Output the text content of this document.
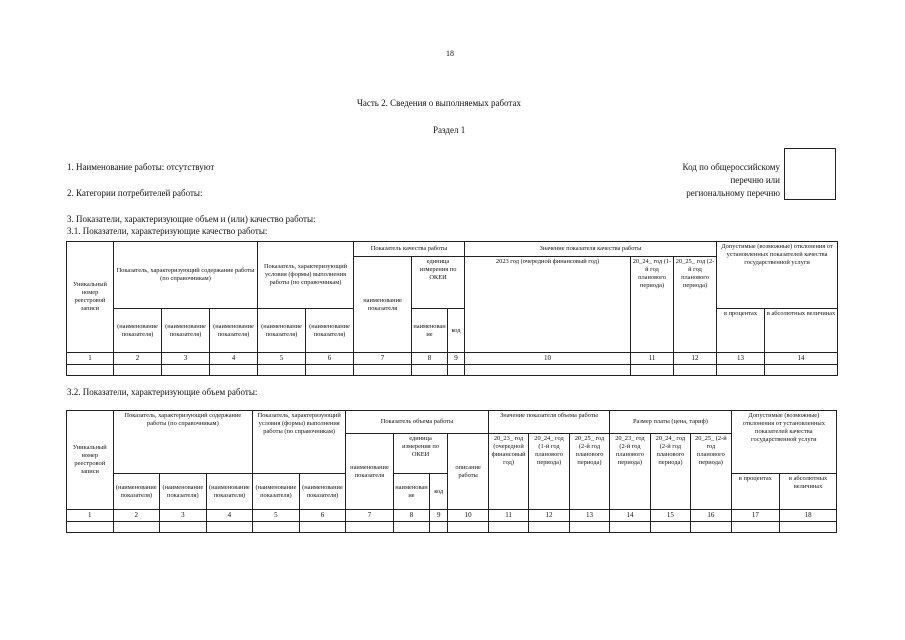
18
Часть 2. Сведения о выполняемых работах
Раздел 1
1. Наименование работы: отсутствуют
2. Категории потребителей работы:
3. Показатели, характеризующие объем и (или) качество работы:
Код по общероссийскому
перечню или
региональному перечню
3.1. Показатели, характеризующие качество работы:
Уникальный номер реестровой записи	Показатель, характеризующий содержание работы (по справочникам)			Показатель, характеризующий условия (формы) выполнения работы (по справочникам)		Показатель качества работы			Значение показателя качества работы			Допустимые (возможные) отклонения от установленных показателей качества государственной услуги	
						наименование показателя	единица измерения по ОКЕИ		2023 год (очередной финансовый год)	20_24_ год (1-й год планового периода)	20_25_ год (2-й год планового периода)		
	(наименование показателя)	(наименование показателя)	(наименование показателя)	(наименование показателя)	(наименование показателя)		наименование	код				в процентах	в абсолютных величинах
1	2	3	4	5	6	7	8	9	10	11	12	13	14

3.2. Показатели, характеризующие объем работы:
Уникальный номер реестровой записи	Показатель, характеризующий содержание работы (по справочникам)			Показатель, характеризующий условия (формы) выполнения работы (по справочникам)		Показатель объема работы				Значение показателя объема работы			Размер платы (цена, тариф)			Допустимые (возможные) отклонения от установленных показателей качества государственной услуги	
						наименование показателя	единица измерения по ОКЕИ		описание работы	20_23_ год (очередной финансовый год)	20_24_ год (1-й год планового периода)	20_25_ год (2-й год планового периода)	20_23_ год (2-й год планового периода)	20_24_ год (2-й год планового периода)	20_25_ (2-й год планового периода)		
	(наименование показателя)	(наименование показателя)	(наименование показателя)	(наименование показателя)	(наименование показателя)		наименование	код								в процентах	в абсолютных величинах
1	2	3	4	5	6	7	8	9	10	11	12	13	14	15	16	17	18
